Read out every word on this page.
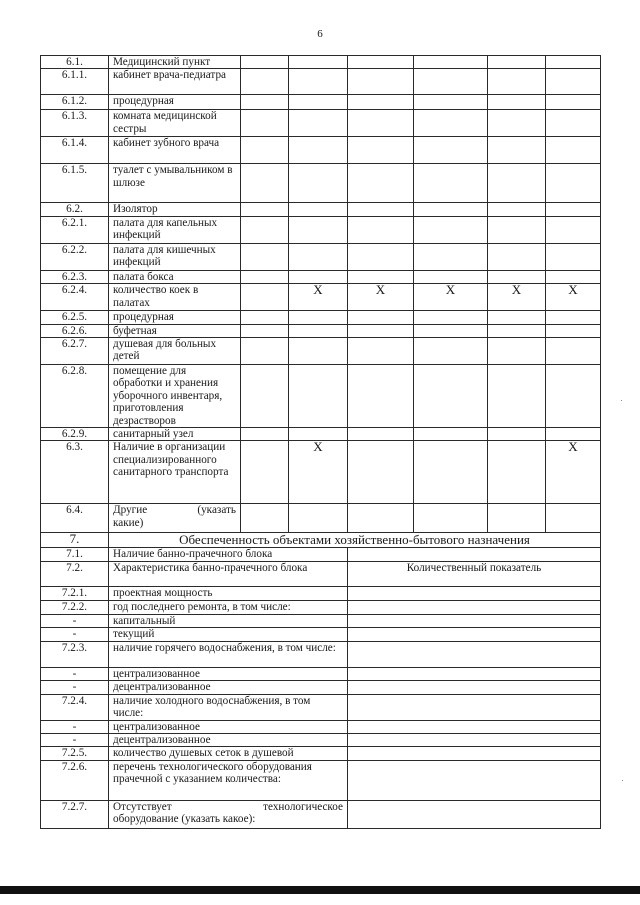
6
6.1.	Медицинский пункт						
6.1.1.	кабинет врача-педиатра						
6.1.2.	процедурная						
6.1.3.	комната медицинской сестры						
6.1.4.	кабинет зубного врача						
6.1.5.	туалет с умывальником в шлюзе						
6.2.	Изолятор						
6.2.1.	палата для капельных инфекций						
6.2.2.	палата для кишечных инфекций						
6.2.3.	палата бокса						
6.2.4.	количество коек в палатах		X	X	X	X	X
6.2.5.	процедурная						
6.2.6.	буфетная						
6.2.7.	душевая для больных детей						
6.2.8.	помещение для обработки и хранения уборочного инвентаря, приготовления дезрастворов						
6.2.9.	санитарный узел						
6.3.	Наличие в организации специализированного санитарного транспорта		X				X
6.4.	Другие (указать
какие)						

7.	Обеспеченность объектами хозяйственно-бытового назначения						
7.1.	Наличие банно-прачечного блока						
7.2.	Характеристика банно-прачечного блока			Количественный показатель			
7.2.1.	проектная мощность						
7.2.2.	год последнего ремонта, в том числе:						
-	капитальный						
-	текущий						
7.2.3.	наличие горячего водоснабжения, в том числе:						
-	централизованное						
-	децентрализованное						
7.2.4.	наличие холодного водоснабжения, в том числе:						
-	централизованное						
-	децентрализованное						
7.2.5.	количество душевых сеток в душевой						
7.2.6.	перечень технологического оборудования прачечной с указанием количества:						
7.2.7.	Отсутствует технологическое
оборудование (указать какое):						
